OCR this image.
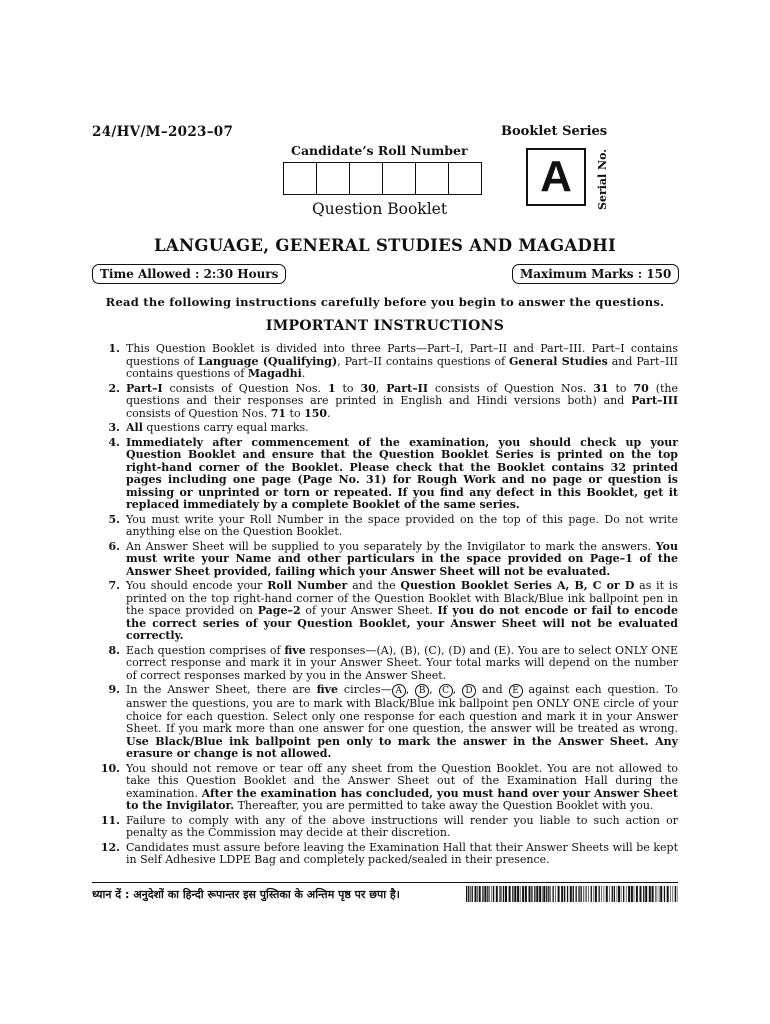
24/HV/M–2023–07	Booklet Series
Candidate’s Roll Number
A	Serial No.
Question Booklet
LANGUAGE, GENERAL STUDIES AND MAGADHI
Time Allowed : 2:30 Hours	Maximum Marks : 150
Read the following instructions carefully before you begin to answer the questions.
IMPORTANT INSTRUCTIONS
1. This Question Booklet is divided into three Parts—Part–I, Part–II and Part–III. Part–I contains questions of Language (Qualifying), Part–II contains questions of General Studies and Part–III contains questions of Magadhi.
2. Part–I consists of Question Nos. 1 to 30, Part–II consists of Question Nos. 31 to 70 (the questions and their responses are printed in English and Hindi versions both) and Part–III consists of Question Nos. 71 to 150.
3. All questions carry equal marks.
4. Immediately after commencement of the examination, you should check up your Question Booklet and ensure that the Question Booklet Series is printed on the top right-hand corner of the Booklet. Please check that the Booklet contains 32 printed pages including one page (Page No. 31) for Rough Work and no page or question is missing or unprinted or torn or repeated. If you find any defect in this Booklet, get it replaced immediately by a complete Booklet of the same series.
5. You must write your Roll Number in the space provided on the top of this page. Do not write anything else on the Question Booklet.
6. An Answer Sheet will be supplied to you separately by the Invigilator to mark the answers. You must write your Name and other particulars in the space provided on Page–1 of the Answer Sheet provided, failing which your Answer Sheet will not be evaluated.
7. You should encode your Roll Number and the Question Booklet Series A, B, C or D as it is printed on the top right-hand corner of the Question Booklet with Black/Blue ink ballpoint pen in the space provided on Page–2 of your Answer Sheet. If you do not encode or fail to encode the correct series of your Question Booklet, your Answer Sheet will not be evaluated correctly.
8. Each question comprises of five responses—(A), (B), (C), (D) and (E). You are to select ONLY ONE correct response and mark it in your Answer Sheet. Your total marks will depend on the number of correct responses marked by you in the Answer Sheet.
9. In the Answer Sheet, there are five circles— A , B , C , D and E against each question. To answer the questions, you are to mark with Black/Blue ink ballpoint pen ONLY ONE circle of your choice for each question. Select only one response for each question and mark it in your Answer Sheet. If you mark more than one answer for one question, the answer will be treated as wrong. Use Black/Blue ink ballpoint pen only to mark the answer in the Answer Sheet. Any erasure or change is not allowed.
10. You should not remove or tear off any sheet from the Question Booklet. You are not allowed to take this Question Booklet and the Answer Sheet out of the Examination Hall during the examination. After the examination has concluded, you must hand over your Answer Sheet to the Invigilator. Thereafter, you are permitted to take away the Question Booklet with you.
11. Failure to comply with any of the above instructions will render you liable to such action or penalty as the Commission may decide at their discretion.
12. Candidates must assure before leaving the Examination Hall that their Answer Sheets will be kept in Self Adhesive LDPE Bag and completely packed/sealed in their presence.
ध्यान दें : अनुदेशों का हिन्दी रूपान्तर इस पुस्तिका के अन्तिम पृष्ठ पर छपा है।
